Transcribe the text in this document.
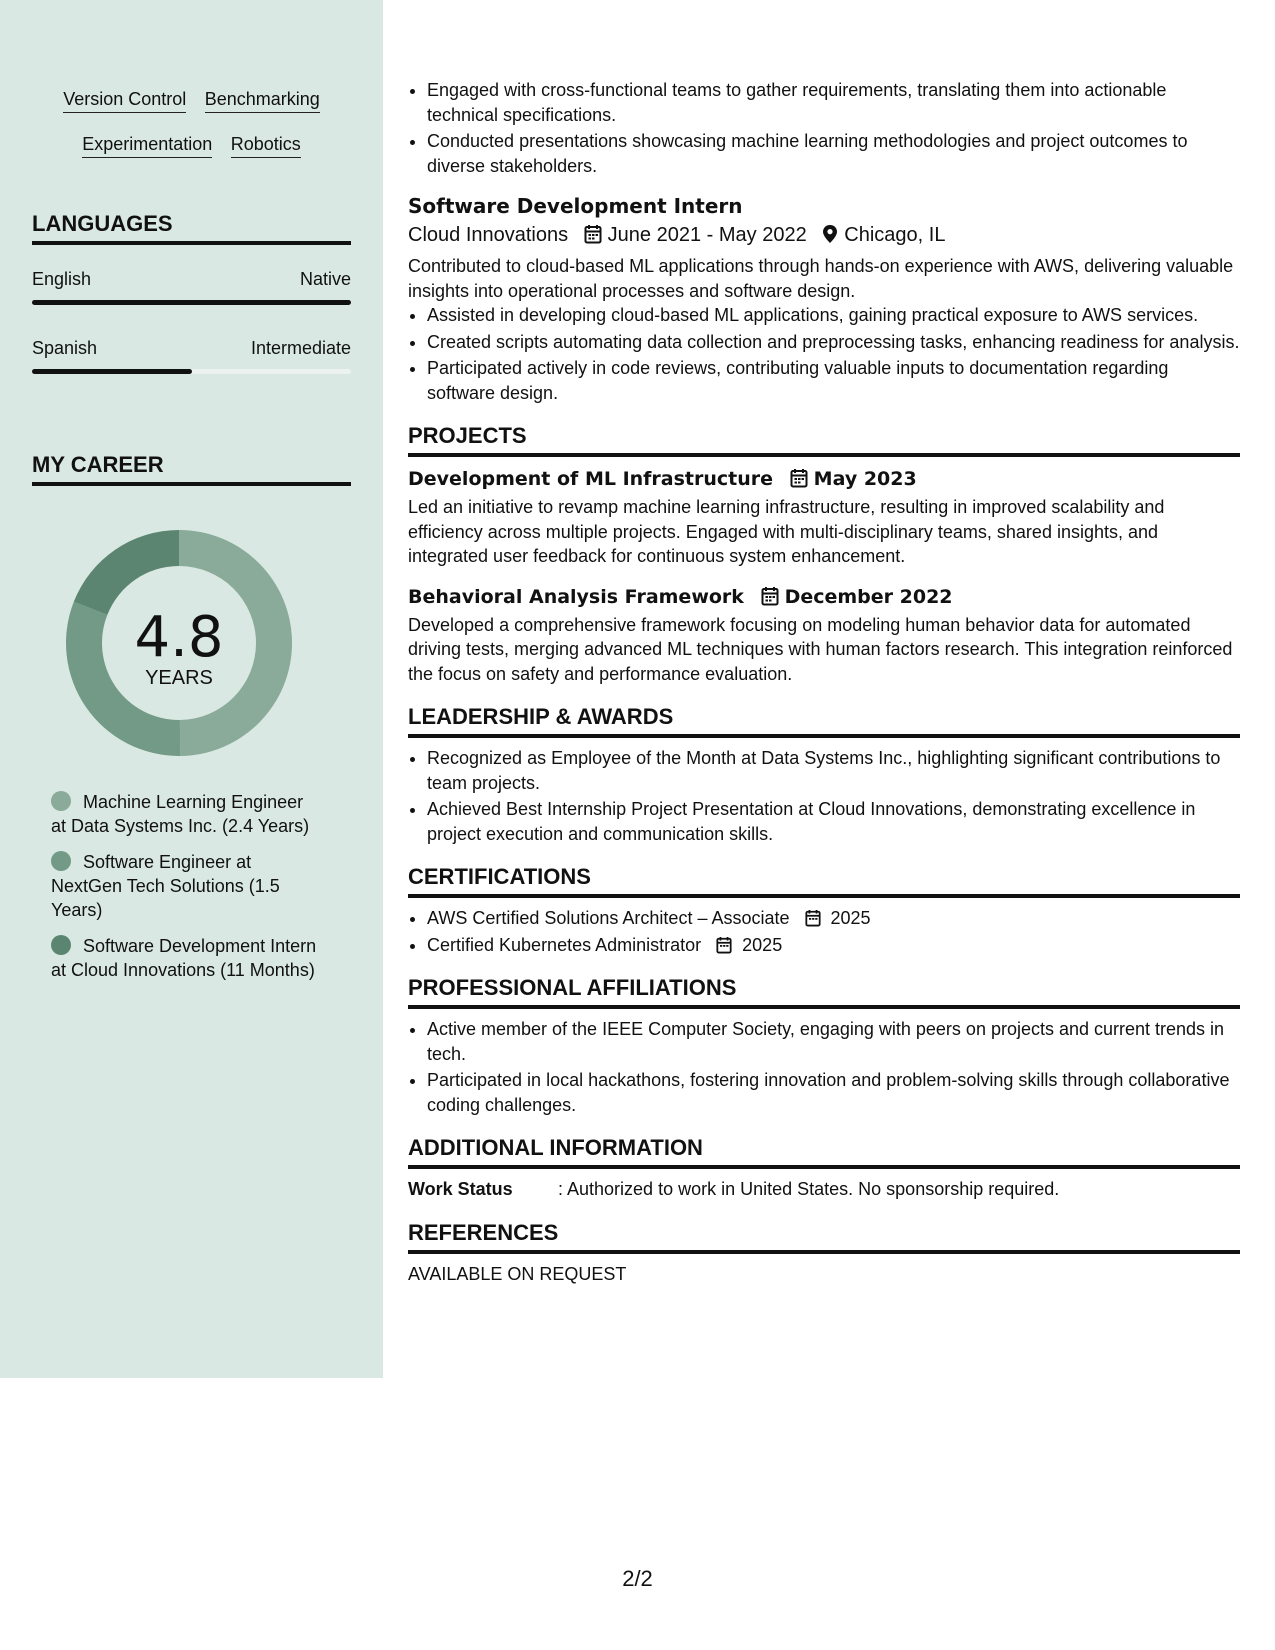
Version Control Benchmarking
Experimentation Robotics
LANGUAGES
English	Native
Spanish	Intermediate
MY CAREER
4.8
YEARS
Machine Learning Engineer at Data Systems Inc. (2.4 Years)
Software Engineer at NextGen Tech Solutions (1.5 Years)
Software Development Intern at Cloud Innovations (11 Months)
• Engaged with cross-functional teams to gather requirements, translating them into actionable technical specifications.
• Conducted presentations showcasing machine learning methodologies and project outcomes to diverse stakeholders.
Software Development Intern
Cloud Innovations June 2021 - May 2022 Chicago, IL
Contributed to cloud-based ML applications through hands-on experience with AWS, delivering valuable insights into operational processes and software design.
• Assisted in developing cloud-based ML applications, gaining practical exposure to AWS services.
• Created scripts automating data collection and preprocessing tasks, enhancing readiness for analysis.
• Participated actively in code reviews, contributing valuable inputs to documentation regarding software design.
PROJECTS
Development of ML Infrastructure May 2023
Led an initiative to revamp machine learning infrastructure, resulting in improved scalability and efficiency across multiple projects. Engaged with multi-disciplinary teams, shared insights, and integrated user feedback for continuous system enhancement.
Behavioral Analysis Framework December 2022
Developed a comprehensive framework focusing on modeling human behavior data for automated driving tests, merging advanced ML techniques with human factors research. This integration reinforced the focus on safety and performance evaluation.
LEADERSHIP & AWARDS
• Recognized as Employee of the Month at Data Systems Inc., highlighting significant contributions to team projects.
• Achieved Best Internship Project Presentation at Cloud Innovations, demonstrating excellence in project execution and communication skills.
CERTIFICATIONS
• AWS Certified Solutions Architect – Associate 2025
• Certified Kubernetes Administrator 2025
PROFESSIONAL AFFILIATIONS
• Active member of the IEEE Computer Society, engaging with peers on projects and current trends in tech.
• Participated in local hackathons, fostering innovation and problem-solving skills through collaborative coding challenges.
ADDITIONAL INFORMATION
Work Status	: Authorized to work in United States. No sponsorship required.
REFERENCES
AVAILABLE ON REQUEST
2/2
